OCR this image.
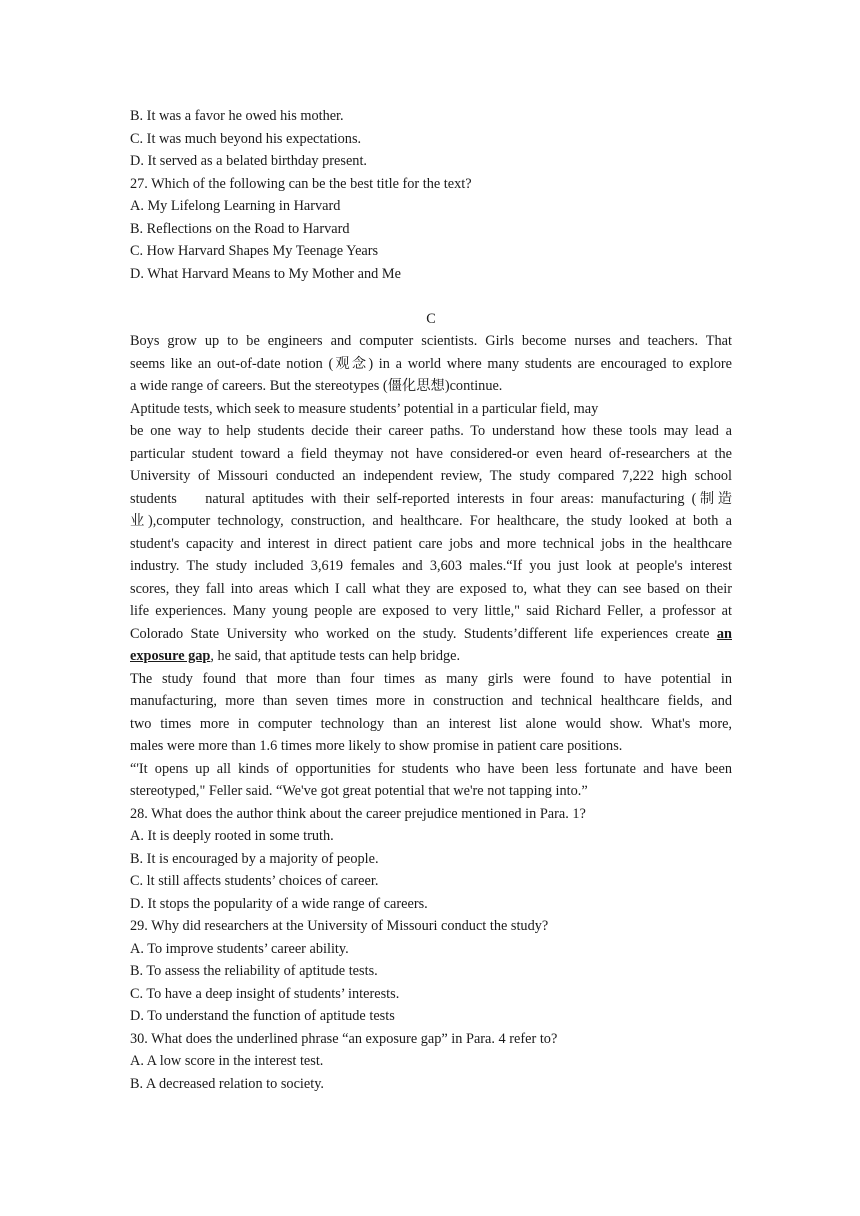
B. It was a favor he owed his mother.
C. It was much beyond his expectations.
D. It served as a belated birthday present.
27. Which of the following can be the best title for the text?
A. My Lifelong Learning in Harvard
B. Reflections on the Road to Harvard
C. How Harvard Shapes My Teenage Years
D. What Harvard Means to My Mother and Me
C
Boys grow up to be engineers and computer scientists. Girls become nurses and teachers. That
seems like an out-of-date notion (观念) in a world where many students are encouraged to explore
a wide range of careers. But the stereotypes (僵化思想)continue.
Aptitude tests, which seek to measure students’ potential in a particular field, may
be one way to help students decide their career paths. To understand how these tools may lead a
particular student toward a field theymay not have considered-or even heard of-researchers at the
University of Missouri conducted an independent review, The study compared 7,222 high school
students    natural aptitudes with their self-reported interests in four areas: manufacturing (制造
业),computer technology, construction, and healthcare. For healthcare, the study looked at both a
student's capacity and interest in direct patient care jobs and more technical jobs in the healthcare
industry. The study included 3,619 females and 3,603 males.“If you just look at people's interest
scores, they fall into areas which I call what they are exposed to, what they can see based on their
life experiences. Many young people are exposed to very little," said Richard Feller, a professor at
Colorado State University who worked on the study. Students’different life experiences create an
exposure gap, he said, that aptitude tests can help bridge.
The study found that more than four times as many girls were found to have potential in
manufacturing, more than seven times more in construction and technical healthcare fields, and
two times more in computer technology than an interest list alone would show. What's more,
males were more than 1.6 times more likely to show promise in patient care positions.
“'It opens up all kinds of opportunities for students who have been less fortunate and have been
stereotyped," Feller said. “We've got great potential that we're not tapping into.”
28. What does the author think about the career prejudice mentioned in Para. 1?
A. It is deeply rooted in some truth.
B. It is encouraged by a majority of people.
C. lt still affects students’ choices of career.
D. It stops the popularity of a wide range of careers.
29. Why did researchers at the University of Missouri conduct the study?
A. To improve students’ career ability.
B. To assess the reliability of aptitude tests.
C. To have a deep insight of students’ interests.
D. To understand the function of aptitude tests
30. What does the underlined phrase “an exposure gap” in Para. 4 refer to?
A. A low score in the interest test.
B. A decreased relation to society.
